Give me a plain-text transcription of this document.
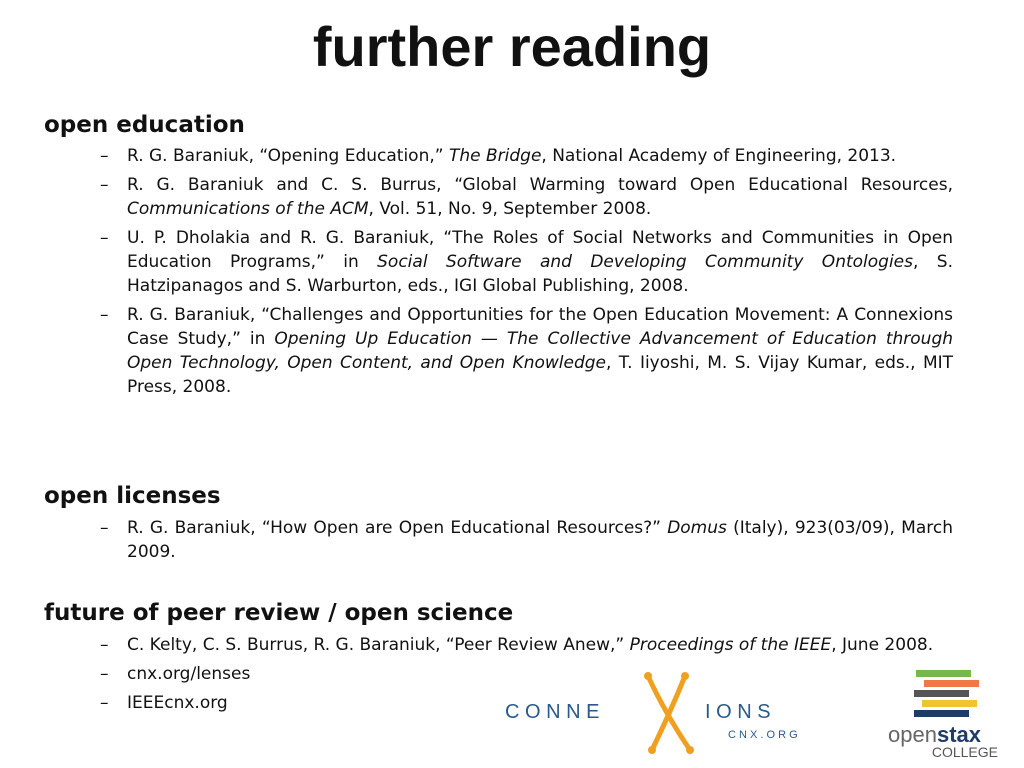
further reading
open education
– R. G. Baraniuk, “Opening Education,” The Bridge, National Academy of Engineering, 2013.
– R. G. Baraniuk and C. S. Burrus, “Global Warming toward Open Educational Resources, Communications of the ACM, Vol. 51, No. 9, September 2008.
– U. P. Dholakia and R. G. Baraniuk, “The Roles of Social Networks and Communities in Open Education Programs,” in Social Software and Developing Community Ontologies, S. Hatzipanagos and S. Warburton, eds., IGI Global Publishing, 2008.
– R. G. Baraniuk, “Challenges and Opportunities for the Open Education Movement: A Connexions Case Study,” in Opening Up Education — The Collective Advancement of Education through Open Technology, Open Content, and Open Knowledge, T. Iiyoshi, M. S. Vijay Kumar, eds., MIT Press, 2008.
open licenses
– R. G. Baraniuk, “How Open are Open Educational Resources?” Domus (Italy), 923(03/09), March 2009.
future of peer review / open science
– C. Kelty, C. S. Burrus, R. G. Baraniuk, “Peer Review Anew,” Proceedings of the IEEE, June 2008.
– cnx.org/lenses
– IEEEcnx.org	C O N N E	I O N S
C N X . O R G	openstax
COLLEGE
